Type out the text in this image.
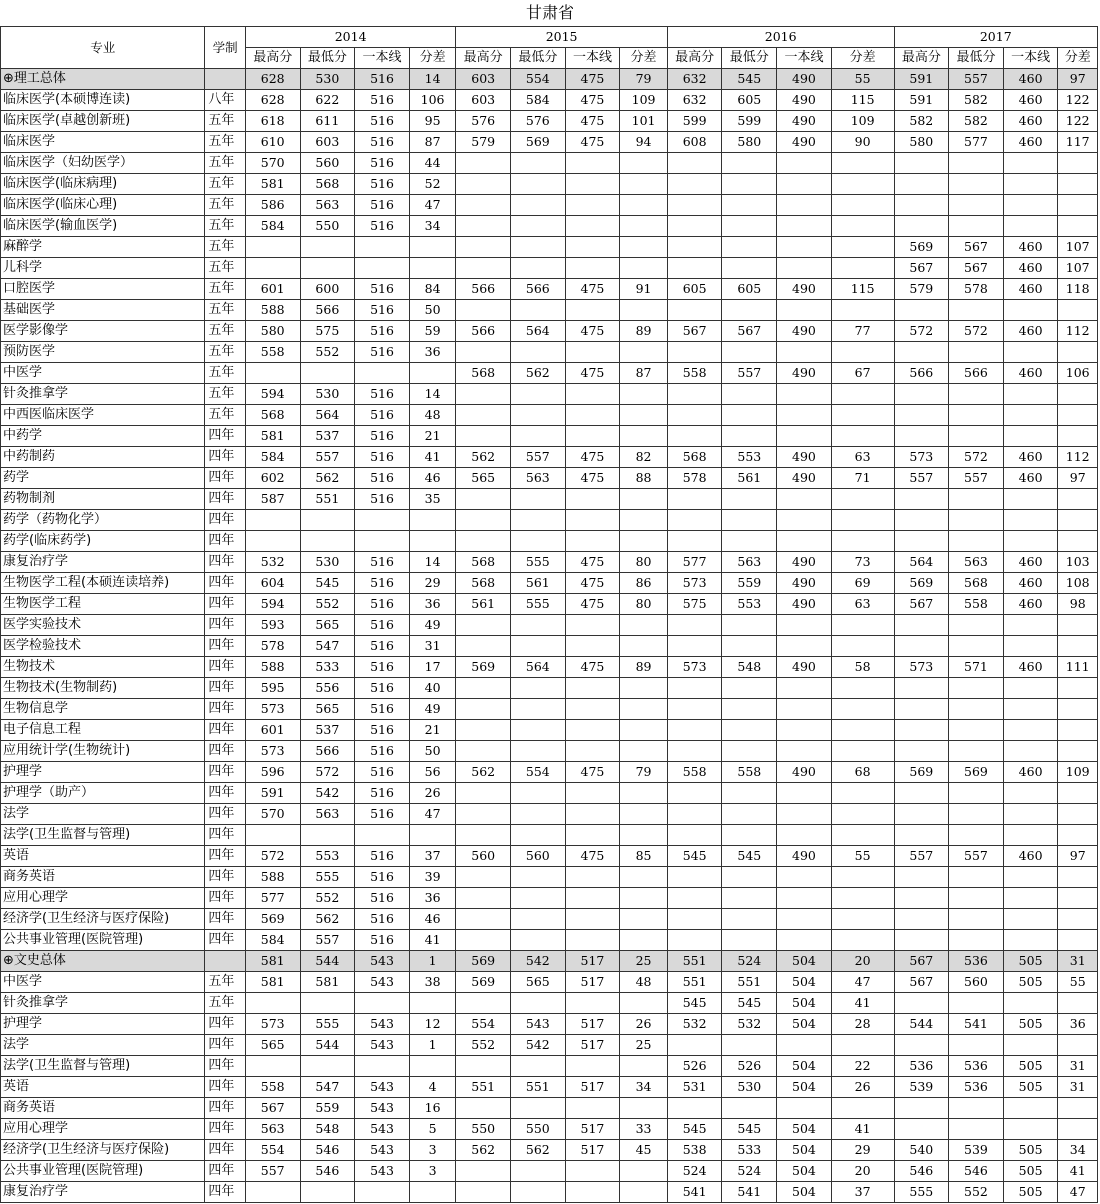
甘肃省
专业	学制	2014				2015				2016				2017			
		最高分	最低分	一本线	分差	最高分	最低分	一本线	分差	最高分	最低分	一本线	分差	最高分	最低分	一本线	分差
⊕理工总体		628	530	516	14	603	554	475	79	632	545	490	55	591	557	460	97
临床医学(本硕博连读)	八年	628	622	516	106	603	584	475	109	632	605	490	115	591	582	460	122
临床医学(卓越创新班)	五年	618	611	516	95	576	576	475	101	599	599	490	109	582	582	460	122
临床医学	五年	610	603	516	87	579	569	475	94	608	580	490	90	580	577	460	117
临床医学（妇幼医学）	五年	570	560	516	44												
临床医学(临床病理)	五年	581	568	516	52												
临床医学(临床心理)	五年	586	563	516	47												
临床医学(输血医学)	五年	584	550	516	34												
麻醉学	五年													569	567	460	107
儿科学	五年													567	567	460	107
口腔医学	五年	601	600	516	84	566	566	475	91	605	605	490	115	579	578	460	118
基础医学	五年	588	566	516	50												
医学影像学	五年	580	575	516	59	566	564	475	89	567	567	490	77	572	572	460	112
预防医学	五年	558	552	516	36												
中医学	五年					568	562	475	87	558	557	490	67	566	566	460	106
针灸推拿学	五年	594	530	516	14												
中西医临床医学	五年	568	564	516	48												
中药学	四年	581	537	516	21												
中药制药	四年	584	557	516	41	562	557	475	82	568	553	490	63	573	572	460	112
药学	四年	602	562	516	46	565	563	475	88	578	561	490	71	557	557	460	97
药物制剂	四年	587	551	516	35												
药学（药物化学）	四年																
药学(临床药学)	四年																
康复治疗学	四年	532	530	516	14	568	555	475	80	577	563	490	73	564	563	460	103
生物医学工程(本硕连读培养)	四年	604	545	516	29	568	561	475	86	573	559	490	69	569	568	460	108
生物医学工程	四年	594	552	516	36	561	555	475	80	575	553	490	63	567	558	460	98
医学实验技术	四年	593	565	516	49												
医学检验技术	四年	578	547	516	31												
生物技术	四年	588	533	516	17	569	564	475	89	573	548	490	58	573	571	460	111
生物技术(生物制药)	四年	595	556	516	40												
生物信息学	四年	573	565	516	49												
电子信息工程	四年	601	537	516	21												
应用统计学(生物统计)	四年	573	566	516	50												
护理学	四年	596	572	516	56	562	554	475	79	558	558	490	68	569	569	460	109
护理学（助产）	四年	591	542	516	26												
法学	四年	570	563	516	47												
法学(卫生监督与管理)	四年																
英语	四年	572	553	516	37	560	560	475	85	545	545	490	55	557	557	460	97
商务英语	四年	588	555	516	39												
应用心理学	四年	577	552	516	36												
经济学(卫生经济与医疗保险)	四年	569	562	516	46												
公共事业管理(医院管理)	四年	584	557	516	41												
⊕文史总体		581	544	543	1	569	542	517	25	551	524	504	20	567	536	505	31
中医学	五年	581	581	543	38	569	565	517	48	551	551	504	47	567	560	505	55
针灸推拿学	五年									545	545	504	41				
护理学	四年	573	555	543	12	554	543	517	26	532	532	504	28	544	541	505	36
法学	四年	565	544	543	1	552	542	517	25								
法学(卫生监督与管理)	四年									526	526	504	22	536	536	505	31
英语	四年	558	547	543	4	551	551	517	34	531	530	504	26	539	536	505	31
商务英语	四年	567	559	543	16												
应用心理学	四年	563	548	543	5	550	550	517	33	545	545	504	41				
经济学(卫生经济与医疗保险)	四年	554	546	543	3	562	562	517	45	538	533	504	29	540	539	505	34
公共事业管理(医院管理)	四年	557	546	543	3					524	524	504	20	546	546	505	41
康复治疗学	四年									541	541	504	37	555	552	505	47
